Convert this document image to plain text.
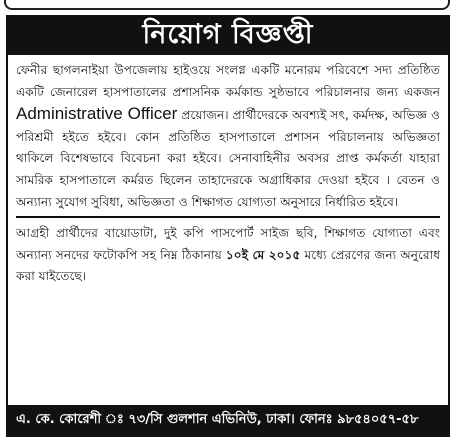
নিয়োগ বিজ্ঞপ্তী

ফেনীর ছাগলনাইয়া উপজেলায় হাইওয়ে সংলগ্ন একটি মনোরম পরিবেশে সদ্য প্রতিষ্ঠিত একটি জেনারেল হাসপাতালের প্রশাসনিক কর্মকান্ড সুষ্ঠভাবে পরিচালনার জন্য একজন Administrative Officer প্রয়োজন। প্রার্থীদেরকে অবশ্যই সৎ, কর্মদক্ষ, অভিজ্ঞ ও পরিশ্রমী হইতে হইবে। কোন প্রতিষ্ঠিত হাসপাতালে প্রশাসন পরিচালনায় অভিজ্ঞতা থাকিলে বিশেষভাবে বিবেচনা করা হইবে। সেনাবাহিনীর অবসর প্রাপ্ত কর্মকর্তা যাহারা সামরিক হাসপাতালে কর্মরত ছিলেন তাহাদেরকে অগ্রাধিকার দেওয়া হইবে । বেতন ও অন্যান্য সুযোগ সুবিধা, অভিজ্ঞতা ও শিক্ষাগত যোগ্যতা অনুসারে নির্ধারিত হইবে।

আগ্রহী প্রার্থীদের বায়োডাটা, দুই কপি পাসপোর্ট সাইজ ছবি, শিক্ষাগত যোগ্যতা এবং অন্যান্য সনদের ফটোকপি সহ নিম্ন ঠিকানায় ১০ই মে ২০১৫ মধ্যে প্রেরণের জন্য অনুরোধ করা যাইতেছে।

এ. কে. কোরেশী ঃ ৭৩/সি গুলশান এভিনিউ, ঢাকা। ফোনঃ ৯৮৫৪০৫৭-৫৮
